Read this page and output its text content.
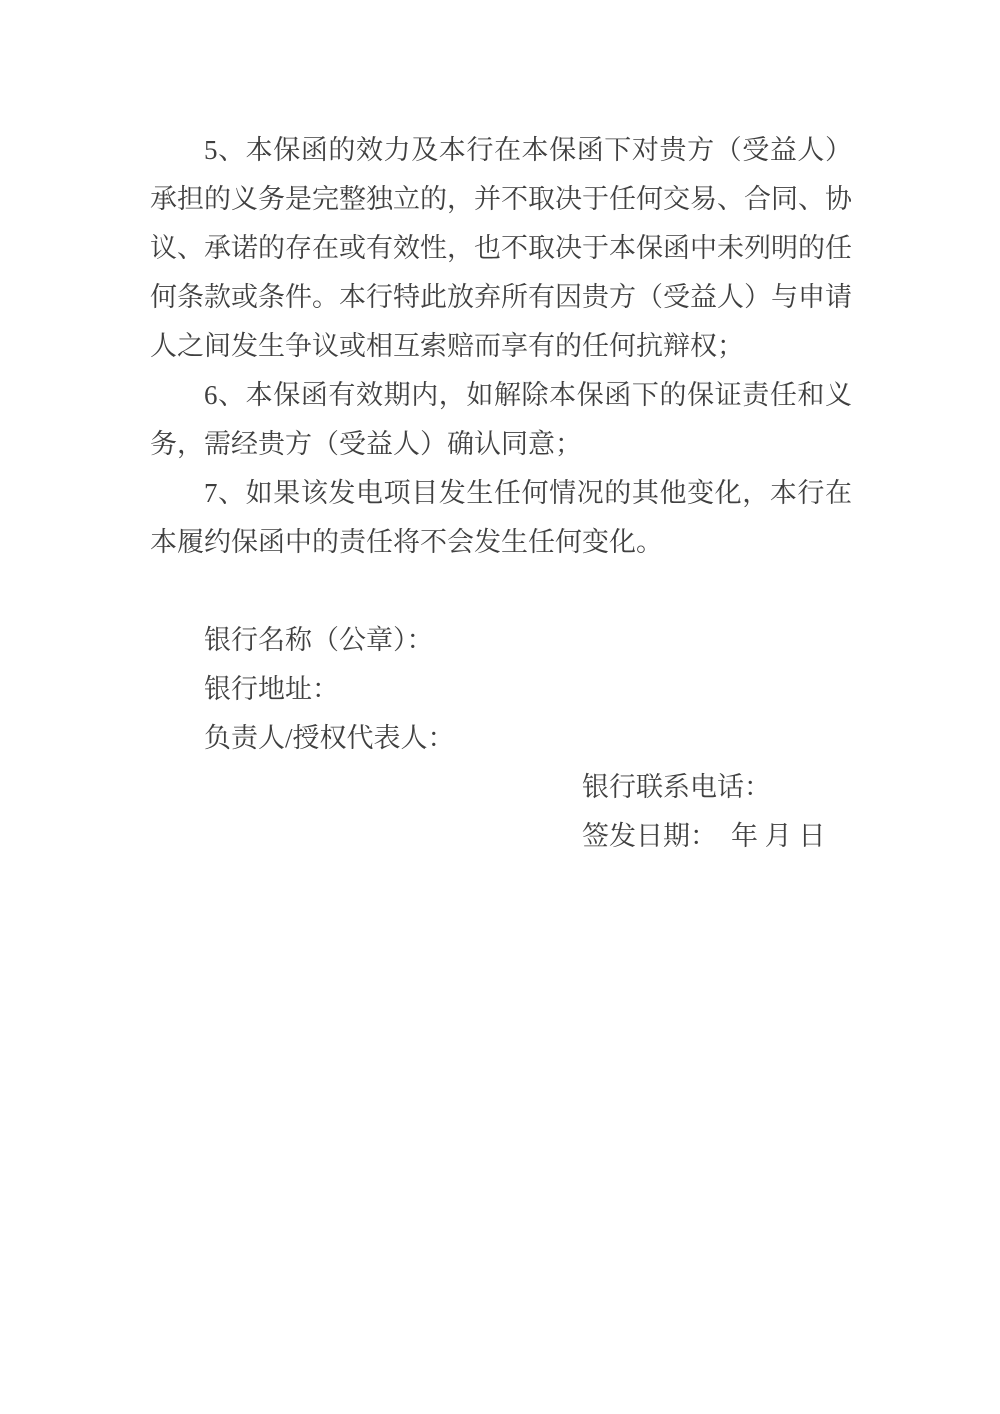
5、本保函的效力及本行在本保函下对贵方（受益人）
承担的义务是完整独立的，并不取决于任何交易、合同、协
议、承诺的存在或有效性，也不取决于本保函中未列明的任
何条款或条件。本行特此放弃所有因贵方（受益人）与申请
人之间发生争议或相互索赔而享有的任何抗辩权；
6、本保函有效期内，如解除本保函下的保证责任和义
务，需经贵方（受益人）确认同意；
7、如果该发电项目发生任何情况的其他变化，本行在
本履约保函中的责任将不会发生任何变化。
银行名称（公章）：
银行地址：
负责人/授权代表人：
银行联系电话：
签发日期： 年 月 日
